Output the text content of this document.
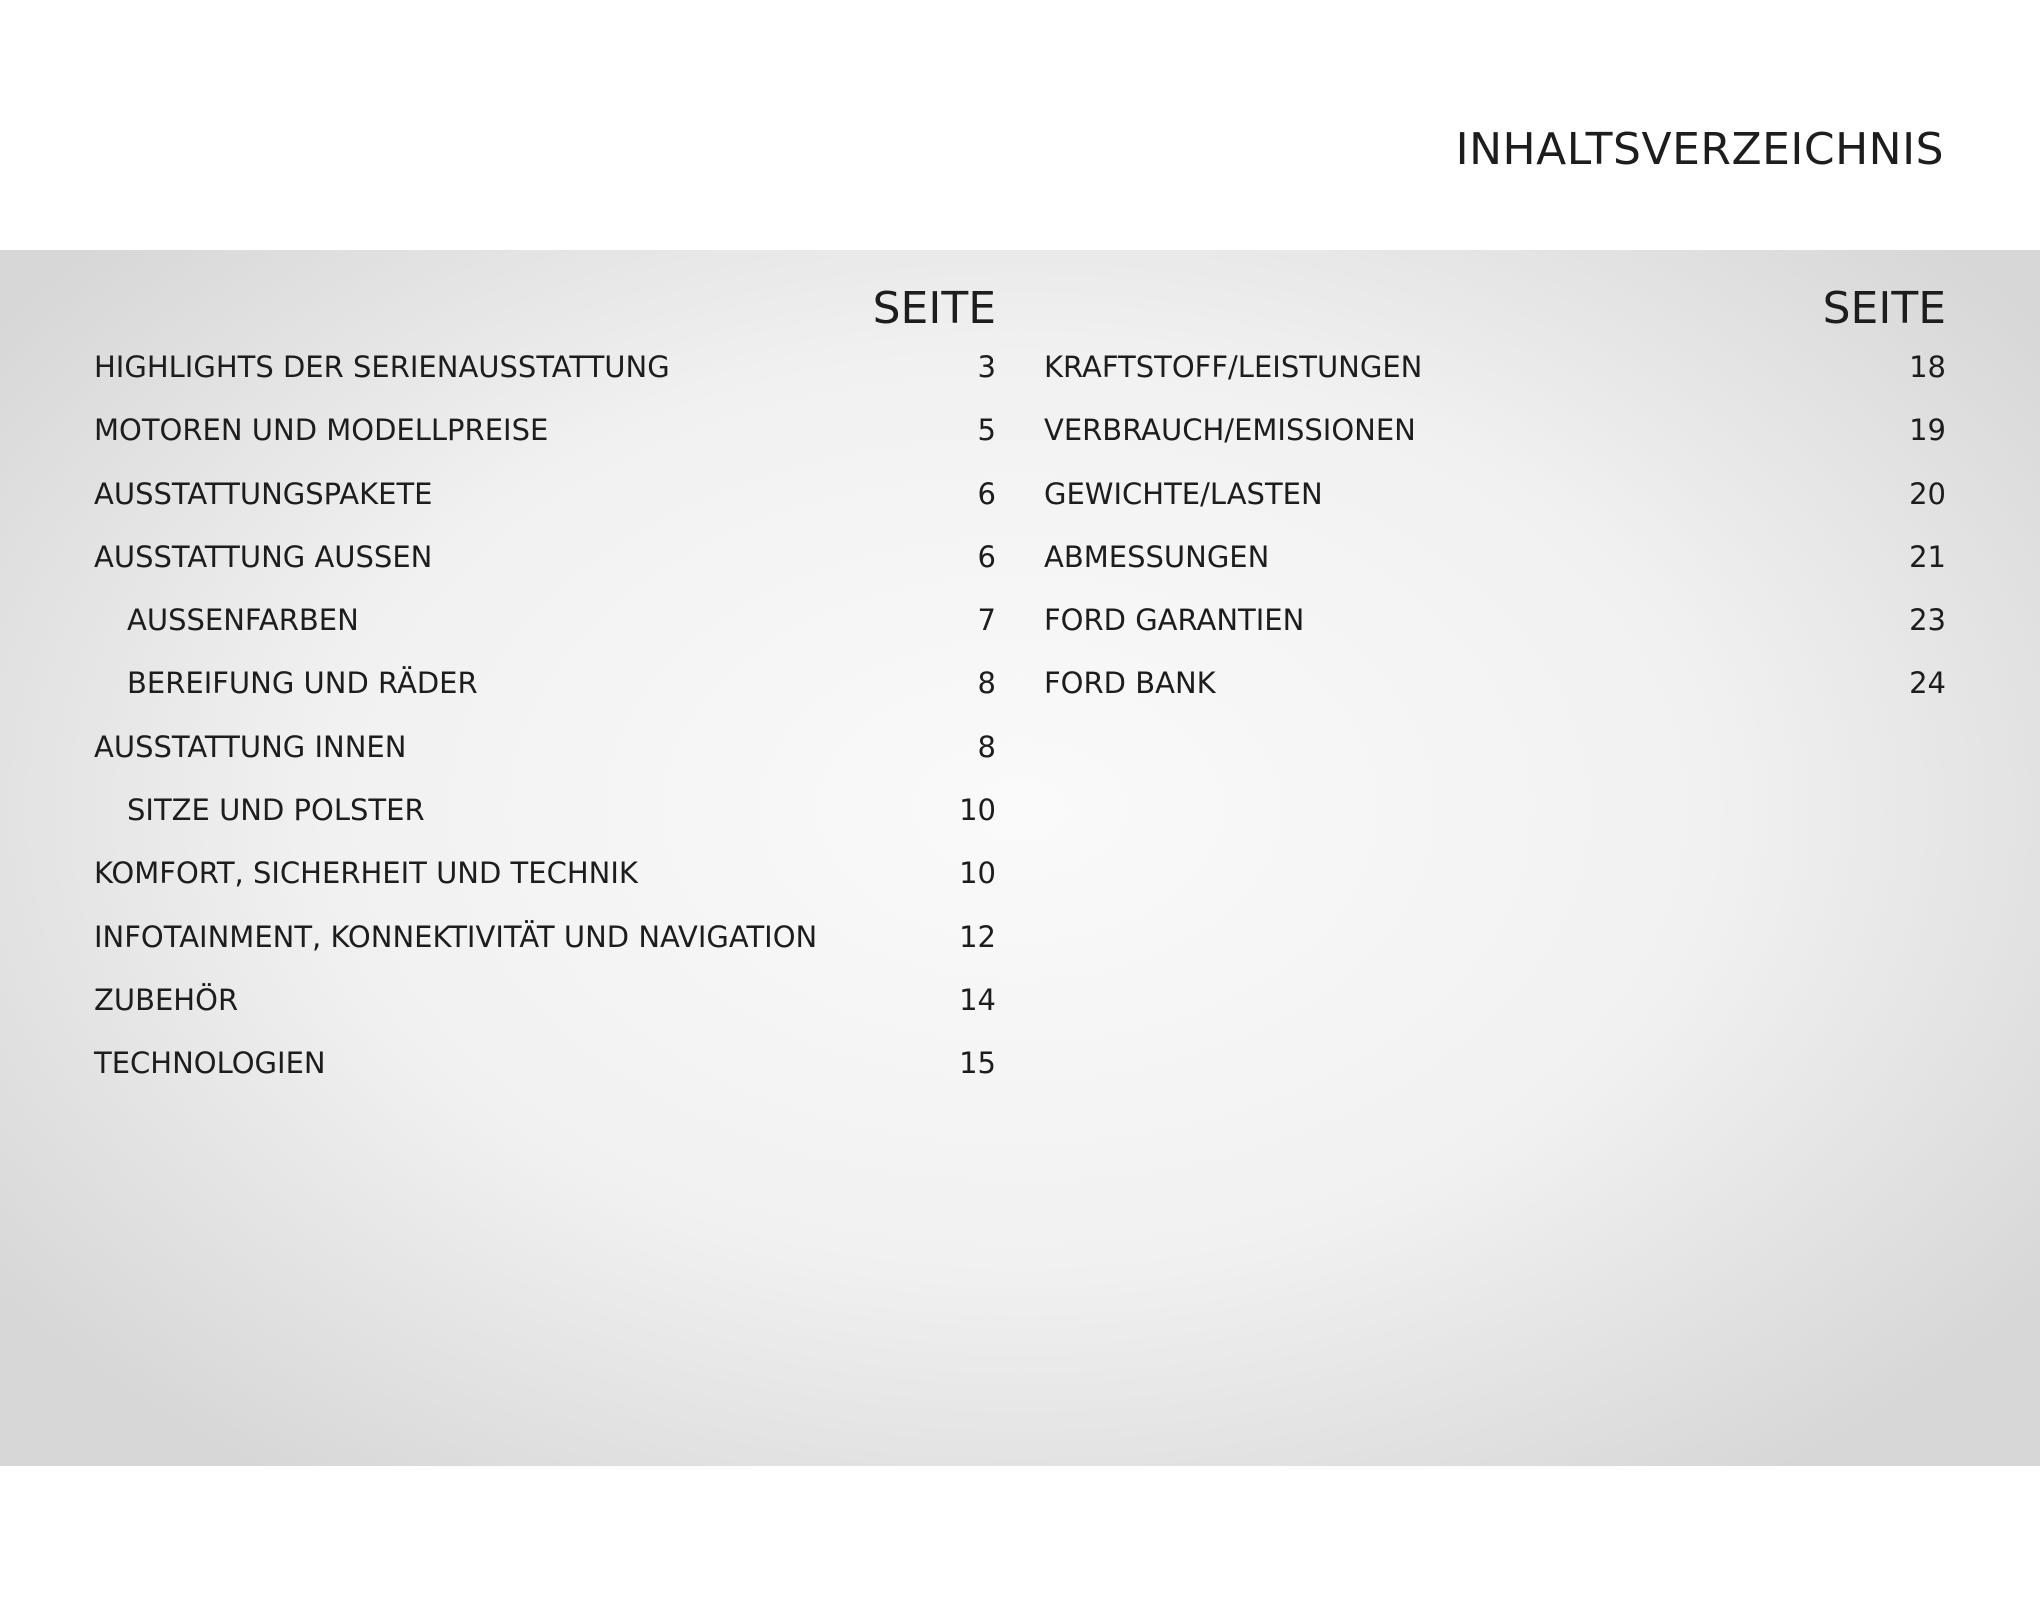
INHALTSVERZEICHNIS
SEITE
HIGHLIGHTS DER SERIENAUSSTATTUNG	3
MOTOREN UND MODELLPREISE	5
AUSSTATTUNGSPAKETE	6
AUSSTATTUNG AUSSEN	6
AUSSENFARBEN	7
BEREIFUNG UND RÄDER	8
AUSSTATTUNG INNEN	8
SITZE UND POLSTER	10
KOMFORT, SICHERHEIT UND TECHNIK	10
INFOTAINMENT, KONNEKTIVITÄT UND NAVIGATION	12
ZUBEHÖR	14
TECHNOLOGIEN	15
SEITE
KRAFTSTOFF/LEISTUNGEN	18
VERBRAUCH/EMISSIONEN	19
GEWICHTE/LASTEN	20
ABMESSUNGEN	21
FORD GARANTIEN	23
FORD BANK	24
